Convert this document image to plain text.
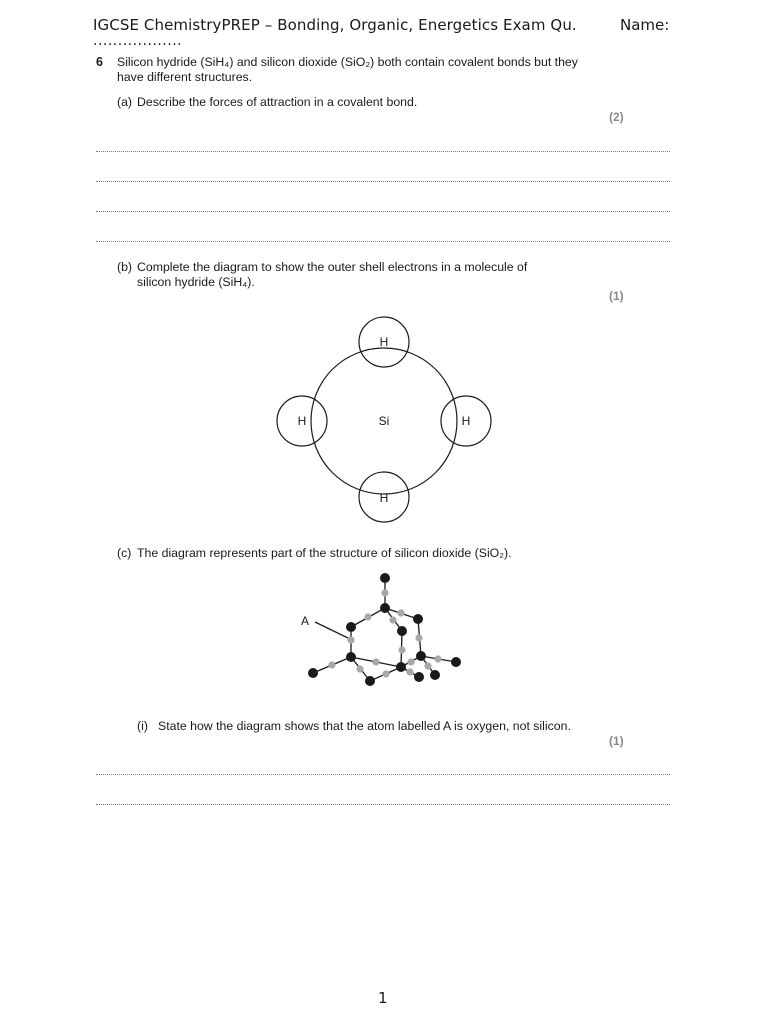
IGCSE ChemistryPREP – Bonding, Organic, Energetics Exam Qu.	Name:
..................
6 Silicon hydride (SiH₄) and silicon dioxide (SiO₂) both contain covalent bonds but they
have different structures.
(a) Describe the forces of attraction in a covalent bond.
(2)
(b) Complete the diagram to show the outer shell electrons in a molecule of
silicon hydride (SiH₄).
(1)
Si
H
H
H	H
(c) The diagram represents part of the structure of silicon dioxide (SiO₂).
A
(i) State how the diagram shows that the atom labelled A is oxygen, not silicon.
(1)
1
